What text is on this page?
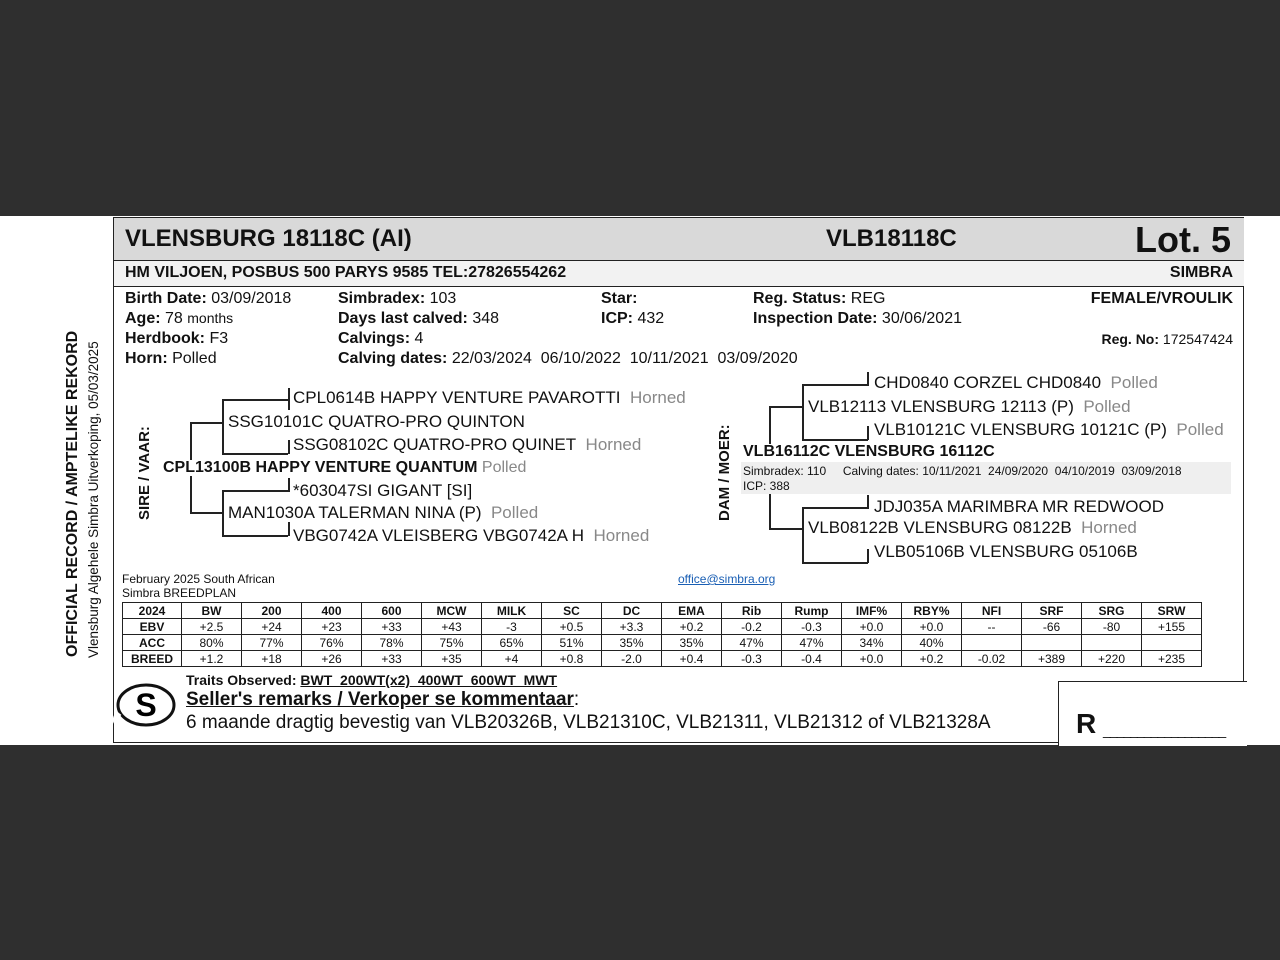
OFFICIAL RECORD / AMPTELIKE REKORD Vlensburg Algehele Simbra Uitverkoping, 05/03/2025
VLENSBURG 18118C (AI)	VLB18118C	Lot. 5
HM VILJOEN, POSBUS 500 PARYS 9585 TEL:27826554262	SIMBRA
Birth Date: 03/09/2018
Age: 78 months
Herdbook: F3
Horn: Polled
Simbradex: 103
Days last calved: 348
Calvings: 4
Calving dates: 22/03/2024  06/10/2022  10/11/2021  03/09/2020
Star:
ICP: 432
Reg. Status: REG
Inspection Date: 30/06/2021
FEMALE/VROULIK
Reg. No: 172547424
SIRE / VAAR:
CPL0614B HAPPY VENTURE PAVAROTTI Horned
SSG10101C QUATRO-PRO QUINTON
SSG08102C QUATRO-PRO QUINET Horned
CPL13100B HAPPY VENTURE QUANTUM Polled
*603047SI GIGANT [SI]
MAN1030A TALERMAN NINA (P) Polled
VBG0742A VLEISBERG VBG0742A H Horned
DAM / MOER:
CHD0840 CORZEL CHD0840 Polled
VLB12113 VLENSBURG 12113 (P) Polled
VLB10121C VLENSBURG 10121C (P) Polled
VLB16112C VLENSBURG 16112C
Simbradex: 110     Calving dates: 10/11/2021  24/09/2020  04/10/2019  03/09/2018
ICP: 388
JDJ035A MARIMBRA MR REDWOOD
VLB08122B VLENSBURG 08122B Horned
VLB05106B VLENSBURG 05106B
February 2025 South African
Simbra BREEDPLAN
office@simbra.org
2024	BW	200	400	600	MCW	MILK	SC	DC	EMA	Rib	Rump	IMF%	RBY%	NFI	SRF	SRG	SRW
EBV	+2.5	+24	+23	+33	+43	-3	+0.5	+3.3	+0.2	-0.2	-0.3	+0.0	+0.0	--	-66	-80	+155
ACC	80%	77%	76%	78%	75%	65%	51%	35%	35%	47%	47%	34%	40%				
BREED	+1.2	+18	+26	+33	+35	+4	+0.8	-2.0	+0.4	-0.3	-0.4	+0.0	+0.2	-0.02	+389	+220	+235
S
Traits Observed: BWT  200WT(x2)  400WT  600WT  MWT
Seller's remarks / Verkoper se kommentaar:
6 maande dragtig bevestig van VLB20326B, VLB21310C, VLB21311, VLB21312 of VLB21328A	R __________________
